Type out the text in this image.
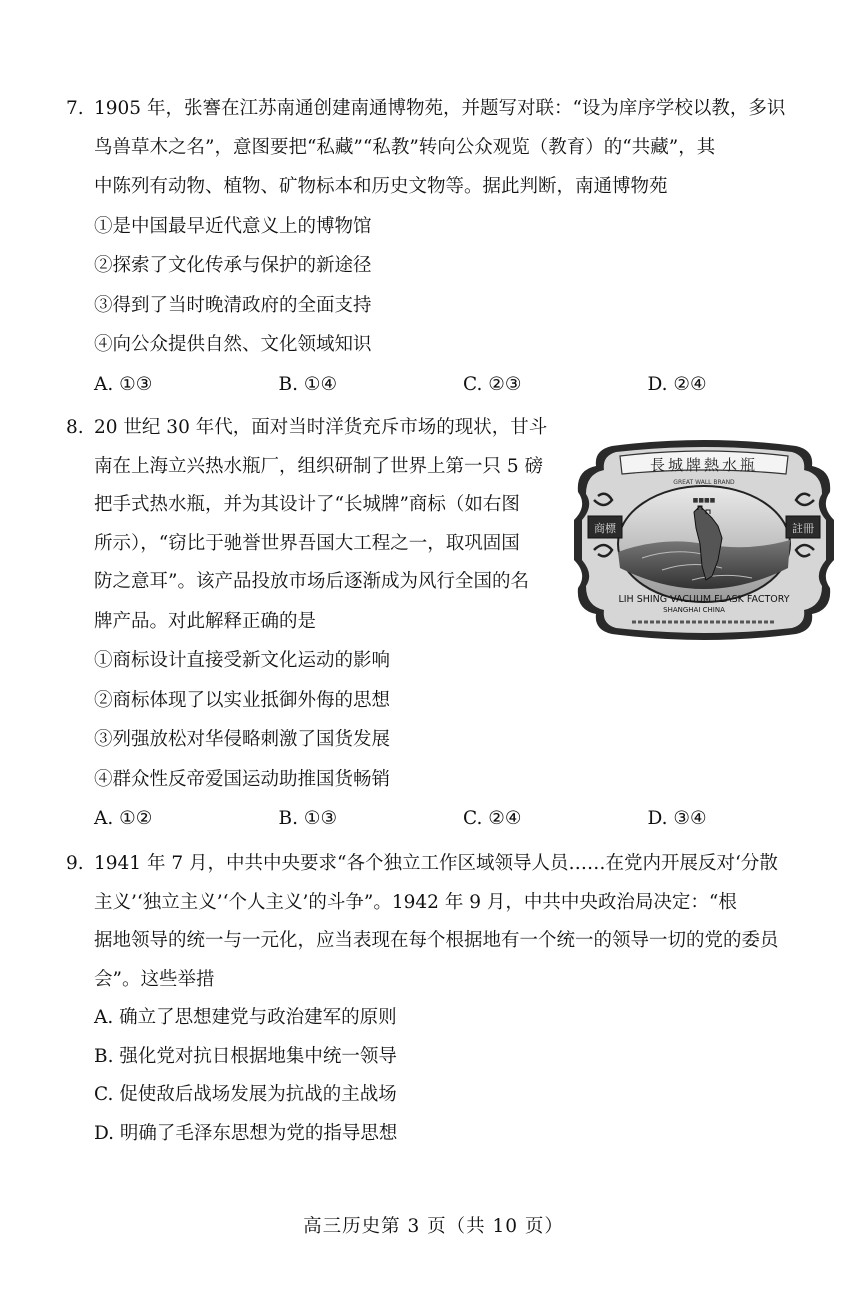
7. 1905 年，张謇在江苏南通创建南通博物苑，并题写对联：“设为庠序学校以教，多识
鸟兽草木之名”，意图要把“私藏”“私教”转向公众观览（教育）的“共藏”，其
中陈列有动物、植物、矿物标本和历史文物等。据此判断，南通博物苑
①是中国最早近代意义上的博物馆
②探索了文化传承与保护的新途径
③得到了当时晚清政府的全面支持
④向公众提供自然、文化领域知识
A. ①③	B. ①④	C. ②③	D. ②④
8. 20 世纪 30 年代，面对当时洋货充斥市场的现状，甘斗
南在上海立兴热水瓶厂，组织研制了世界上第一只 5 磅
把手式热水瓶，并为其设计了“长城牌”商标（如右图
所示），“窃比于驰誉世界吾国大工程之一，取巩固国
防之意耳”。该产品投放市场后逐渐成为风行全国的名
牌产品。对此解释正确的是
①商标设计直接受新文化运动的影响
②商标体现了以实业抵御外侮的思想
③列强放松对华侵略刺激了国货发展
④群众性反帝爱国运动助推国货畅销
A. ①②	B. ①③	C. ②④	D. ③④
長城牌熱水瓶
GREAT WALL BRAND
■■■■
商標	註冊
LIH SHING VACUUM FLASK FACTORY
SHANGHAI CHINA
9. 1941 年 7 月，中共中央要求“各个独立工作区域领导人员……在党内开展反对‘分散
主义’‘独立主义’‘个人主义’的斗争”。1942 年 9 月，中共中央政治局决定：“根
据地领导的统一与一元化，应当表现在每个根据地有一个统一的领导一切的党的委员
会”。这些举措
A. 确立了思想建党与政治建军的原则
B. 强化党对抗日根据地集中统一领导
C. 促使敌后战场发展为抗战的主战场
D. 明确了毛泽东思想为党的指导思想
高三历史第 3 页（共 10 页）
